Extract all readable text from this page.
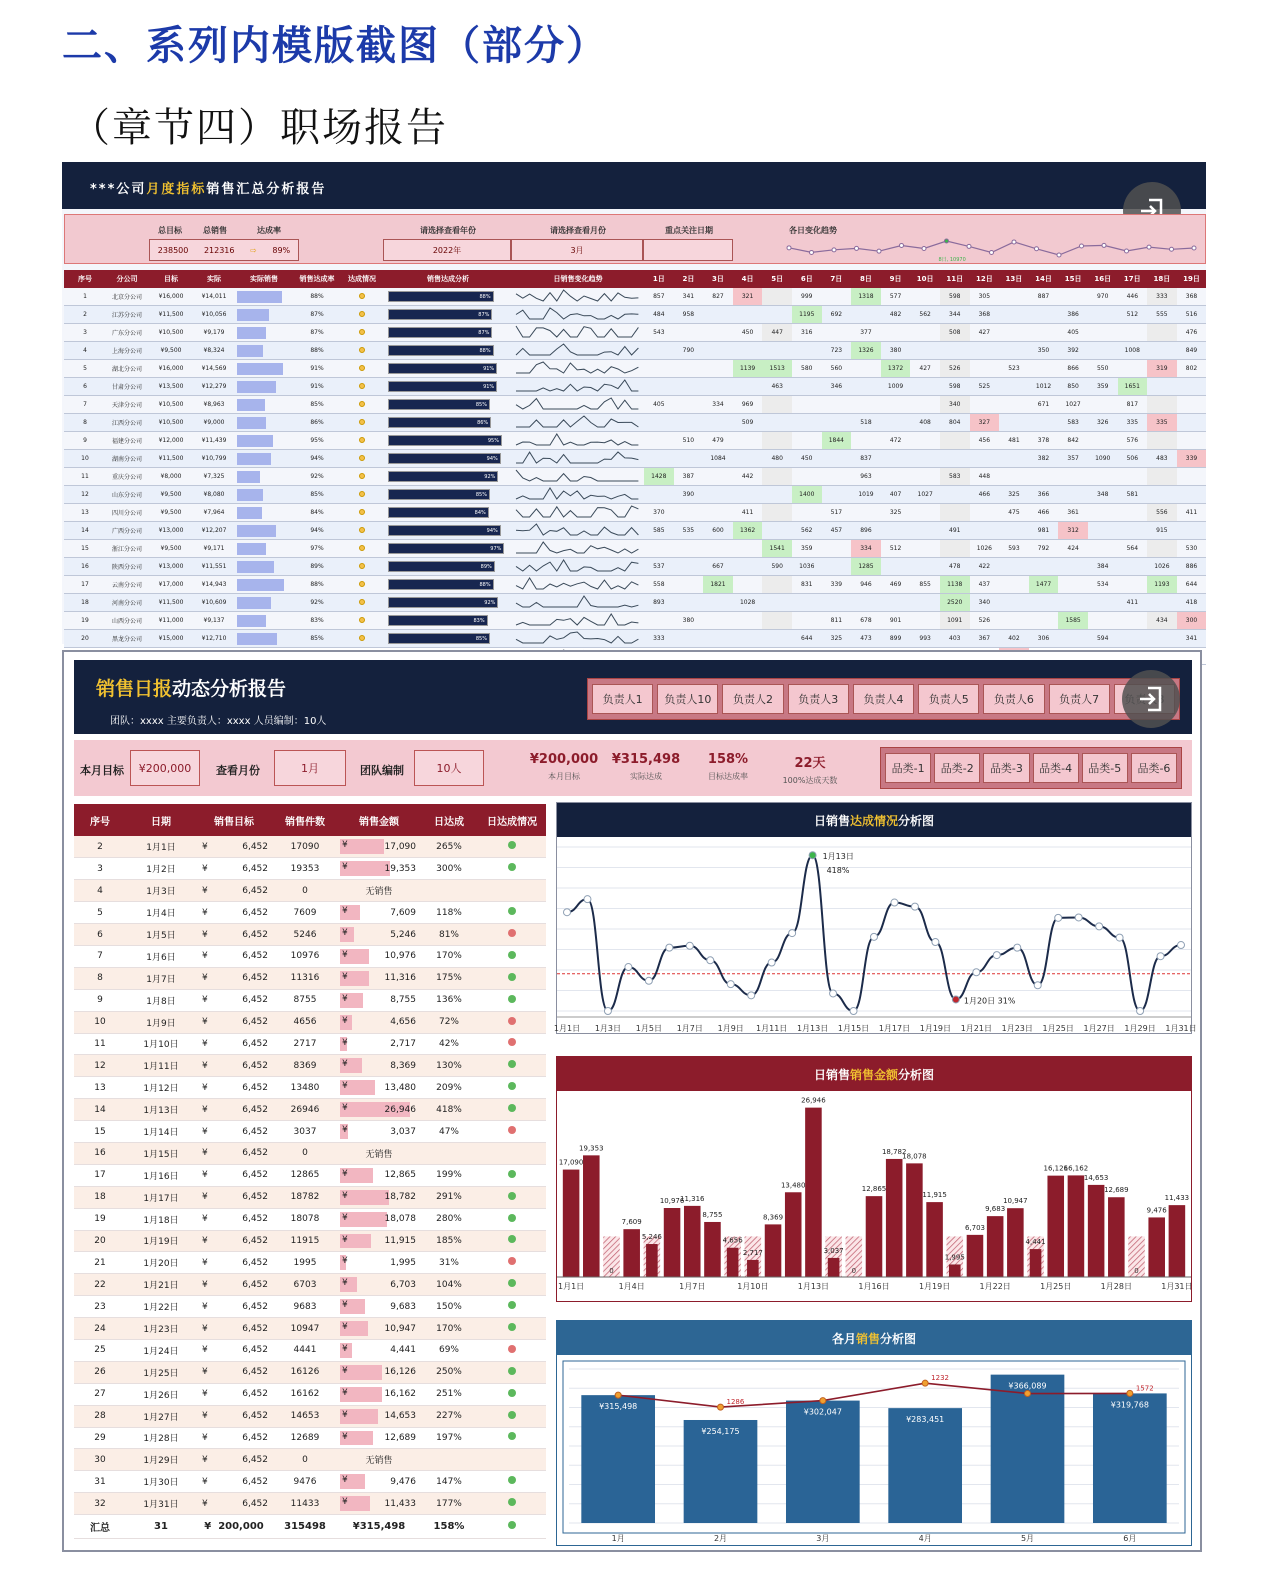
二、系列内模版截图（部分）
（章节四）职场报告
***公司月度指标销售汇总分析报告
总目标	总销售	达成率
238500 212316 ⇨ 89%
请选择查看年份	请选择查看月份	重点关注日期	各日变化趋势
2022年	3月
8日, 10970
序号	分公司	目标	实际	实际销售	销售达成率	达成情况	销售达成分析	日销售变化趋势	1日	2日	3日	4日	5日	6日	7日	8日	9日	10日	11日	12日	13日	14日	15日	16日	17日	18日	19日
1	北京分公司	¥16,000	¥14,011		88%		88%		857	341	827	321		999		1318	577		598	305		887		970	446	333	368
2	江苏分公司	¥11,500	¥10,056		87%		87%		484	958				1195	692		482	562	344	368			386		512	555	516
3	广东分公司	¥10,500	¥9,179		87%		87%		543			450	447	316		377			508	427			405				476
4	上海分公司	¥9,500	¥8,324		88%		88%			790					723	1326	380					350	392		1008		849
5	湖北分公司	¥16,000	¥14,569		91%		91%					1139	1513	580	560		1372	427	526		523		866	550		319	802
6	甘肃分公司	¥13,500	¥12,279		91%		91%						463		346		1009		598	525		1012	850	359	1651		
7	天津分公司	¥10,500	¥8,963		85%		85%		405		334	969							340			671	1027		817		
8	江西分公司	¥10,500	¥9,000		86%		86%					509				518		408	804	327			583	326	335	335	
9	福建分公司	¥12,000	¥11,439		95%		95%			510	479				1844		472			456	481	378	842		576		
10	湖南分公司	¥11,500	¥10,799		94%		94%				1084		480	450		837						382	357	1090	506	483	339
11	重庆分公司	¥8,000	¥7,325		92%		92%		1428	387		442				963			583	448							
12	山东分公司	¥9,500	¥8,080		85%		85%			390				1400		1019	407	1027		466	325	366		348	581		
13	四川分公司	¥9,500	¥7,964		84%		84%		370			411			517		325				475	466	361			556	411
14	广西分公司	¥13,000	¥12,207		94%		94%		585	535	600	1362		562	457	896			491			981	312			915	
15	浙江分公司	¥9,500	¥9,171		97%		97%						1541	359		334	512			1026	593	792	424		564		530
16	陕西分公司	¥13,000	¥11,551		89%		89%		537		667		590	1036		1285			478	422				384		1026	886
17	云南分公司	¥17,000	¥14,943		88%		88%		558		1821			831	339	946	469	855	1138	437		1477		534		1193	644
18	河南分公司	¥11,500	¥10,609		92%		92%		893			1028							2520	340					411		418
19	山西分公司	¥11,000	¥9,137		83%		83%			380					811	678	901		1091	526			1585			434	300
20	黑龙分公司	¥15,000	¥12,710		85%		85%		333					644	325	473	899	993	403	367	402	306		594			341

销售日报动态分析报告
团队：xxxx 主要负责人：xxxx 人员编制：10人
负责人1	负责人10	负责人2	负责人3	负责人4	负责人5	负责人6	负责人7
本月目标	¥200,000	查看月份	1月	团队编制	10人
¥200,000
本月目标
¥315,498
实际达成
158%
目标达成率
22天
100%达成天数
品类-1	品类-2	品类-3	品类-4	品类-5	品类-6
序号	日期	销售目标	销售件数	销售金额	日达成	日达成情况
2	1月1日	¥ 6,452	17090	¥ 17,090	265%	
3	1月2日	¥ 6,452	19353	¥ 19,353	300%	
4	1月3日	¥ 6,452	0	无销售		
5	1月4日	¥ 6,452	7609	¥ 7,609	118%	
6	1月5日	¥ 6,452	5246	¥ 5,246	81%	
7	1月6日	¥ 6,452	10976	¥ 10,976	170%	
8	1月7日	¥ 6,452	11316	¥ 11,316	175%	
9	1月8日	¥ 6,452	8755	¥ 8,755	136%	
10	1月9日	¥ 6,452	4656	¥ 4,656	72%	
11	1月10日	¥ 6,452	2717	¥ 2,717	42%	
12	1月11日	¥ 6,452	8369	¥ 8,369	130%	
13	1月12日	¥ 6,452	13480	¥ 13,480	209%	
14	1月13日	¥ 6,452	26946	¥ 26,946	418%	
15	1月14日	¥ 6,452	3037	¥ 3,037	47%	
16	1月15日	¥ 6,452	0	无销售		
17	1月16日	¥ 6,452	12865	¥ 12,865	199%	
18	1月17日	¥ 6,452	18782	¥ 18,782	291%	
19	1月18日	¥ 6,452	18078	¥ 18,078	280%	
20	1月19日	¥ 6,452	11915	¥ 11,915	185%	
21	1月20日	¥ 6,452	1995	¥ 1,995	31%	
22	1月21日	¥ 6,452	6703	¥ 6,703	104%	
23	1月22日	¥ 6,452	9683	¥ 9,683	150%	
24	1月23日	¥ 6,452	10947	¥ 10,947	170%	
25	1月24日	¥ 6,452	4441	¥ 4,441	69%	
26	1月25日	¥ 6,452	16126	¥ 16,126	250%	
27	1月26日	¥ 6,452	16162	¥ 16,162	251%	
28	1月27日	¥ 6,452	14653	¥ 14,653	227%	
29	1月28日	¥ 6,452	12689	¥ 12,689	197%	
30	1月29日	¥ 6,452	0	无销售		
31	1月30日	¥ 6,452	9476	¥ 9,476	147%	
32	1月31日	¥ 6,452	11433	¥ 11,433	177%	
汇总	31	¥ 200,000	315498	¥315,498	158%	
日销售 达成情况 分析图
1月13日
418%
1月20日 31%
1月1日 1月3日 1月5日 1月7日 1月9日 1月11日 1月13日 1月15日 1月17日 1月19日 1月21日 1月23日 1月25日 1月27日 1月29日 1月31日
日销售 销售金额 分析图
17,090
19,353
0
7,609
5,246
10,976
11,316
8,755
4,656
2,717
8,369
13,480
26,946
3,037
0
12,865
18,782
18,078
11,915
1,995
6,703
9,683
10,947
4,441
16,126
16,162
14,653
12,689
0
9,476
11,433
1月1日	1月4日	1月7日	1月10日	1月13日	1月16日	1月19日	1月22日	1月25日	1月28日	1月31日
各月 销售 分析图
¥315,498
1月
¥254,175
2月
¥302,047
3月
¥283,451
4月
¥366,089
5月
¥319,768
6月
1286
1232
1572
